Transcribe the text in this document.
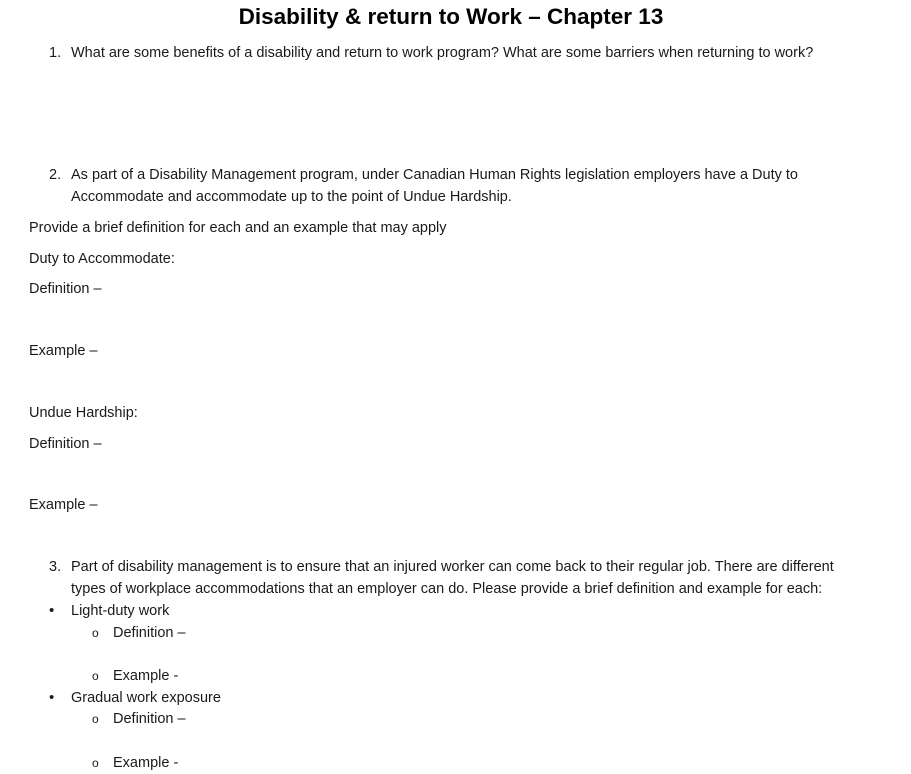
Disability & return to Work – Chapter 13
1. What are some benefits of a disability and return to work program? What are some barriers when returning to work?
2. As part of a Disability Management program, under Canadian Human Rights legislation employers have a Duty to
Accommodate and accommodate up to the point of Undue Hardship.
Provide a brief definition for each and an example that may apply
Duty to Accommodate:
Definition –
Example –
Undue Hardship:
Definition –
Example –
3. Part of disability management is to ensure that an injured worker can come back to their regular job. There are different
types of workplace accommodations that an employer can do. Please provide a brief definition and example for each:
• Light-duty work
o Definition –
o Example -
• Gradual work exposure
o Definition –
o Example -
